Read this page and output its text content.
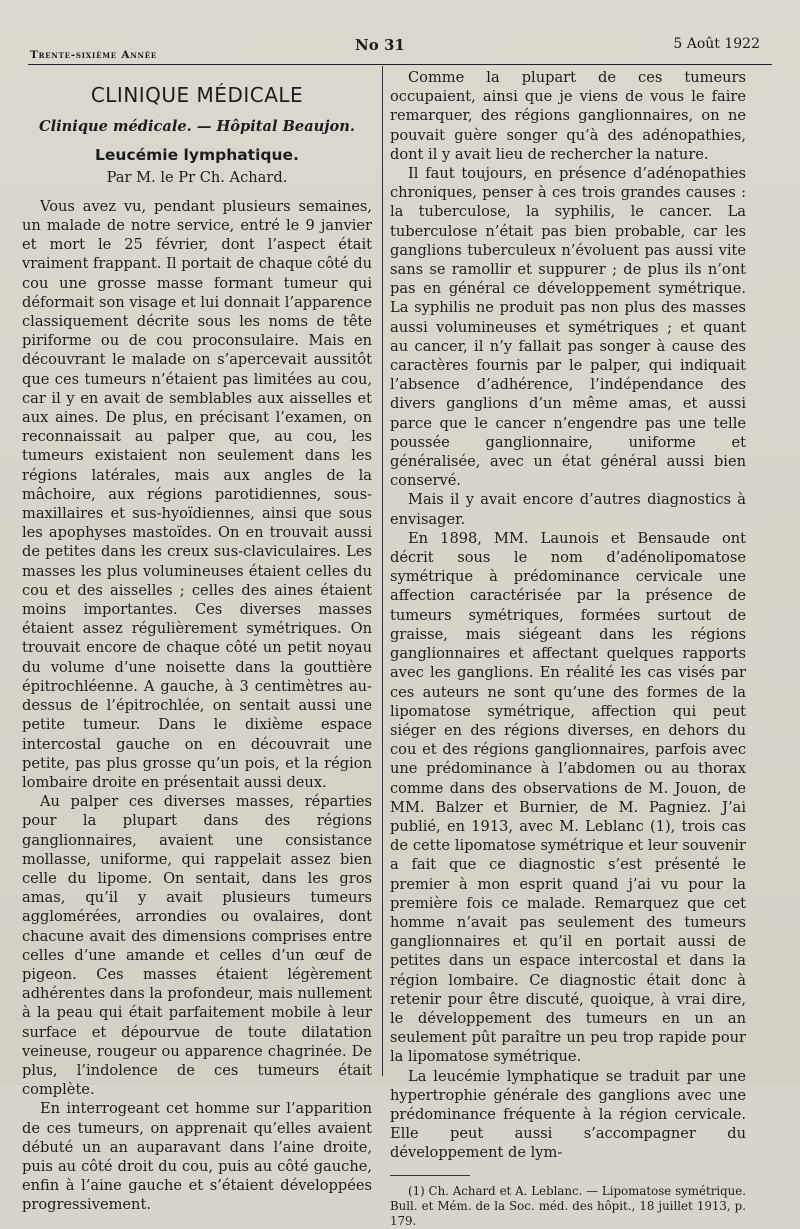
Trente-sixième Année
No 31	5 Août 1922
CLINIQUE MÉDICALE
Clinique médicale. — Hôpital Beaujon.
Leucémie lymphatique.
Par M. le Pr Ch. Achard.

Vous avez vu, pendant plusieurs semaines, un malade de notre service, entré le 9 janvier et mort le 25 février, dont l’aspect était vraiment frappant. Il portait de chaque côté du cou une grosse masse formant tumeur qui déformait son visage et lui donnait l’apparence classiquement décrite sous les noms de tête piriforme ou de cou proconsulaire. Mais en découvrant le malade on s’apercevait aussitôt que ces tumeurs n’étaient pas limitées au cou, car il y en avait de semblables aux aisselles et aux aines. De plus, en précisant l’examen, on reconnaissait au palper que, au cou, les tumeurs existaient non seulement dans les régions latérales, mais aux angles de la mâchoire, aux régions parotidiennes, sous-maxillaires et sus-hyoïdiennes, ainsi que sous les apophyses mastoïdes. On en trouvait aussi de petites dans les creux sus-claviculaires. Les masses les plus volumineuses étaient celles du cou et des aisselles ; celles des aines étaient moins importantes. Ces diverses masses étaient assez régulièrement symétriques. On trouvait encore de chaque côté un petit noyau du volume d’une noisette dans la gouttière épitrochléenne. A gauche, à 3 centimètres au-dessus de l’épitrochlée, on sentait aussi une petite tumeur. Dans le dixième espace intercostal gauche on en découvrait une petite, pas plus grosse qu’un pois, et la région lombaire droite en présentait aussi deux.

Au palper ces diverses masses, réparties pour la plupart dans des régions ganglionnaires, avaient une consistance mollasse, uniforme, qui rappelait assez bien celle du lipome. On sentait, dans les gros amas, qu’il y avait plusieurs tumeurs agglomérées, arrondies ou ovalaires, dont chacune avait des dimensions comprises entre celles d’une amande et celles d’un œuf de pigeon. Ces masses étaient légèrement adhérentes dans la profondeur, mais nullement à la peau qui était parfaitement mobile à leur surface et dépourvue de toute dilatation veineuse, rougeur ou apparence chagrinée. De plus, l’indolence de ces tumeurs était complète.

En interrogeant cet homme sur l’apparition de ces tumeurs, on apprenait qu’elles avaient débuté un an auparavant dans l’aine droite, puis au côté droit du cou, puis au côté gauche, enfin à l’aine gauche et s’étaient développées progressivement.

Comme la plupart de ces tumeurs occupaient, ainsi que je viens de vous le faire remarquer, des régions ganglionnaires, on ne pouvait guère songer qu’à des adénopathies, dont il y avait lieu de rechercher la nature.

Il faut toujours, en présence d’adénopathies chroniques, penser à ces trois grandes causes : la tuberculose, la syphilis, le cancer. La tuberculose n’était pas bien probable, car les ganglions tuberculeux n’évoluent pas aussi vite sans se ramollir et suppurer ; de plus ils n’ont pas en général ce développement symétrique. La syphilis ne produit pas non plus des masses aussi volumineuses et symétriques ; et quant au cancer, il n’y fallait pas songer à cause des caractères fournis par le palper, qui indiquait l’absence d’adhérence, l’indépendance des divers ganglions d’un même amas, et aussi parce que le cancer n’engendre pas une telle poussée ganglionnaire, uniforme et généralisée, avec un état général aussi bien conservé.

Mais il y avait encore d’autres diagnostics à envisager.

En 1898, MM. Launois et Bensaude ont décrit sous le nom d’adénolipomatose symétrique à prédominance cervicale une affection caractérisée par la présence de tumeurs symétriques, formées surtout de graisse, mais siégeant dans les régions ganglionnaires et affectant quelques rapports avec les ganglions. En réalité les cas visés par ces auteurs ne sont qu’une des formes de la lipomatose symétrique, affection qui peut siéger en des régions diverses, en dehors du cou et des régions ganglionnaires, parfois avec une prédominance à l’abdomen ou au thorax comme dans des observations de M. Jouon, de MM. Balzer et Burnier, de M. Pagniez. J’ai publié, en 1913, avec M. Leblanc (1), trois cas de cette lipomatose symétrique et leur souvenir a fait que ce diagnostic s’est présenté le premier à mon esprit quand j’ai vu pour la première fois ce malade. Remarquez que cet homme n’avait pas seulement des tumeurs ganglionnaires et qu’il en portait aussi de petites dans un espace intercostal et dans la région lombaire. Ce diagnostic était donc à retenir pour être discuté, quoique, à vrai dire, le développement des tumeurs en un an seulement pût paraître un peu trop rapide pour la lipomatose symétrique.

La leucémie lymphatique se traduit par une hypertrophie générale des ganglions avec une prédominance fréquente à la région cervicale. Elle peut aussi s’accompagner du développement de lym-

(1) Ch. Achard et A. Leblanc. — Lipomatose symétrique. Bull. et Mém. de la Soc. méd. des hôpit., 18 juillet 1913, p. 179.
